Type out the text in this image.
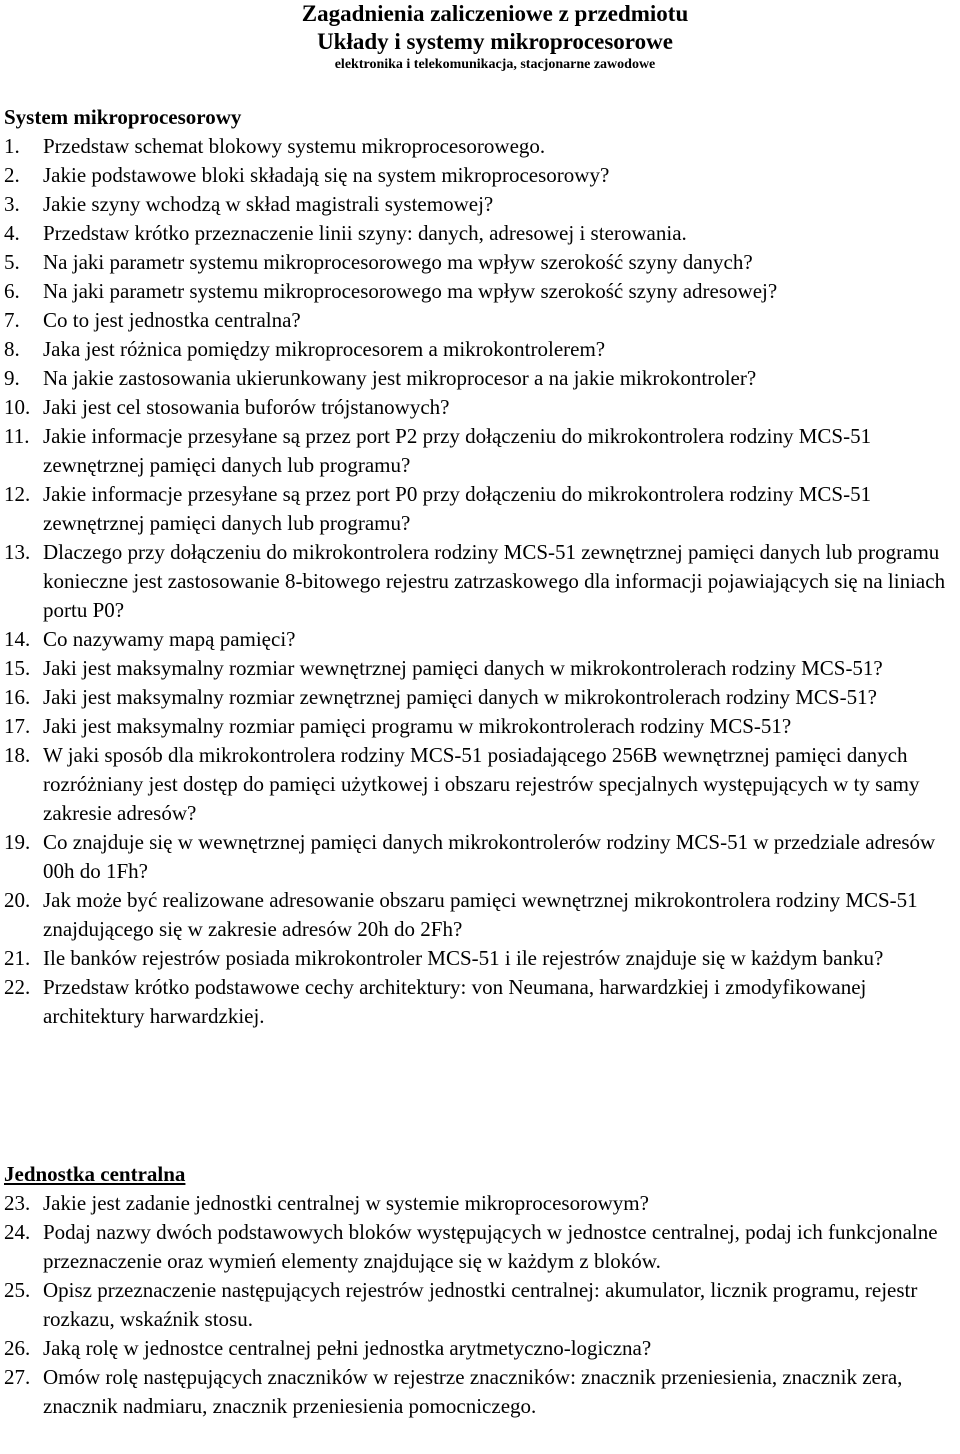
Zagadnienia zaliczeniowe z przedmiotu
Układy i systemy mikroprocesorowe
elektronika i telekomunikacja, stacjonarne zawodowe
System mikroprocesorowy
1. Przedstaw schemat blokowy systemu mikroprocesorowego.
2. Jakie podstawowe bloki składają się na system mikroprocesorowy?
3. Jakie szyny wchodzą w skład magistrali systemowej?
4. Przedstaw krótko przeznaczenie linii szyny: danych, adresowej i sterowania.
5. Na jaki parametr systemu mikroprocesorowego ma wpływ szerokość szyny danych?
6. Na jaki parametr systemu mikroprocesorowego ma wpływ szerokość szyny adresowej?
7. Co to jest jednostka centralna?
8. Jaka jest różnica pomiędzy mikroprocesorem a mikrokontrolerem?
9. Na jakie zastosowania ukierunkowany jest mikroprocesor a na jakie mikrokontroler?
10. Jaki jest cel stosowania buforów trójstanowych?
11. Jakie informacje przesyłane są przez port P2 przy dołączeniu do mikrokontrolera rodziny MCS-51 zewnętrznej pamięci danych lub programu?
12. Jakie informacje przesyłane są przez port P0 przy dołączeniu do mikrokontrolera rodziny MCS-51 zewnętrznej pamięci danych lub programu?
13. Dlaczego przy dołączeniu do mikrokontrolera rodziny MCS-51 zewnętrznej pamięci danych lub programu konieczne jest zastosowanie 8-bitowego rejestru zatrzaskowego dla informacji pojawiających się na liniach portu P0?
14. Co nazywamy mapą pamięci?
15. Jaki jest maksymalny rozmiar wewnętrznej pamięci danych w mikrokontrolerach rodziny MCS-51?
16. Jaki jest maksymalny rozmiar zewnętrznej pamięci danych w mikrokontrolerach rodziny MCS-51?
17. Jaki jest maksymalny rozmiar pamięci programu w mikrokontrolerach rodziny MCS-51?
18. W jaki sposób dla mikrokontrolera rodziny MCS-51 posiadającego 256B wewnętrznej pamięci danych rozróżniany jest dostęp do pamięci użytkowej i obszaru rejestrów specjalnych występujących w ty samy zakresie adresów?
19. Co znajduje się w wewnętrznej pamięci danych mikrokontrolerów rodziny MCS-51 w przedziale adresów 00h do 1Fh?
20. Jak może być realizowane adresowanie obszaru pamięci wewnętrznej mikrokontrolera rodziny MCS-51 znajdującego się w zakresie adresów 20h do 2Fh?
21. Ile banków rejestrów posiada mikrokontroler MCS-51 i ile rejestrów znajduje się w każdym banku?
22. Przedstaw krótko podstawowe cechy architektury: von Neumana, harwardzkiej i zmodyfikowanej architektury harwardzkiej.
Jednostka centralna
23. Jakie jest zadanie jednostki centralnej w systemie mikroprocesorowym?
24. Podaj nazwy dwóch podstawowych bloków występujących w jednostce centralnej, podaj ich funkcjonalne przeznaczenie oraz wymień elementy znajdujące się w każdym z bloków.
25. Opisz przeznaczenie następujących rejestrów jednostki centralnej: akumulator, licznik programu, rejestr rozkazu, wskaźnik stosu.
26. Jaką rolę w jednostce centralnej pełni jednostka arytmetyczno-logiczna?
27. Omów rolę następujących znaczników w rejestrze znaczników: znacznik przeniesienia, znacznik zera, znacznik nadmiaru, znacznik przeniesienia pomocniczego.
